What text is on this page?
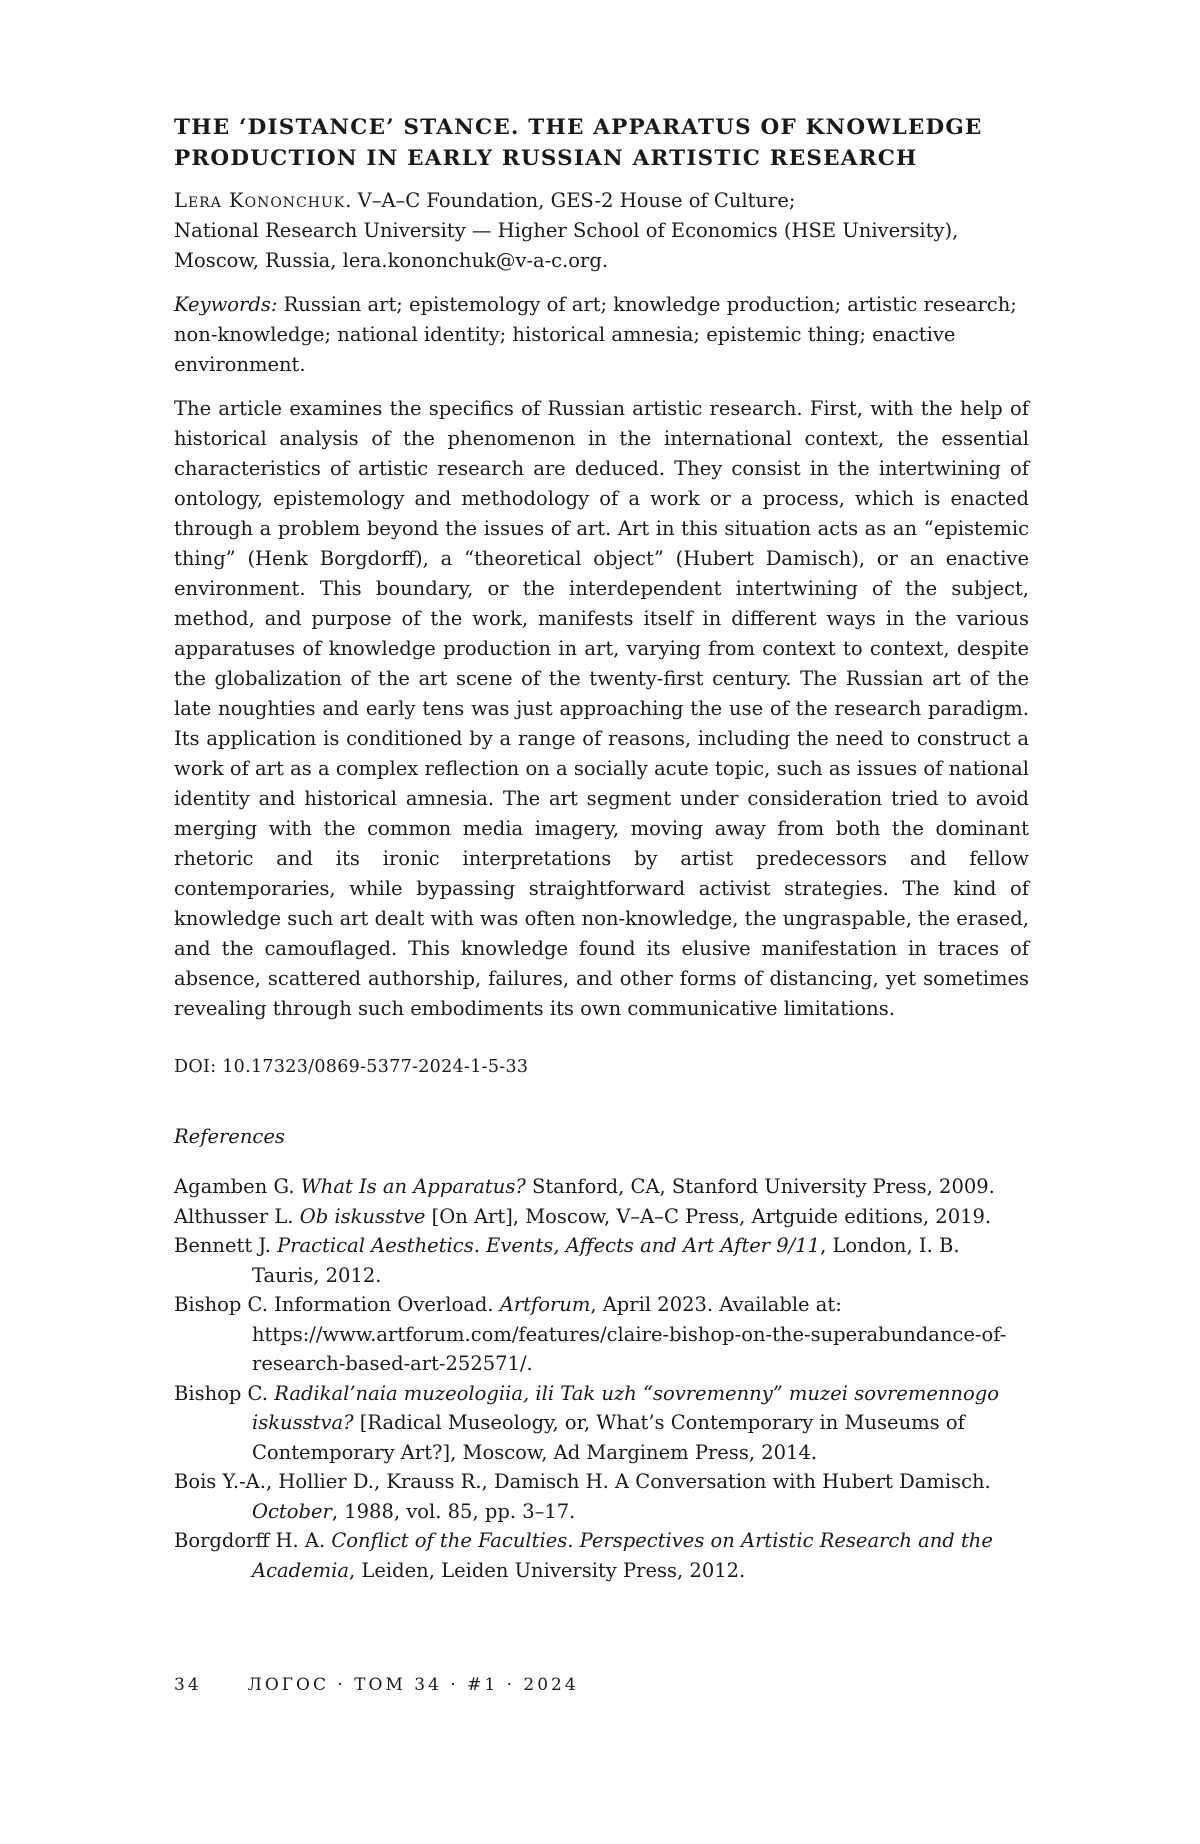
THE ‘DISTANCE’ STANCE. THE APPARATUS OF KNOWLEDGE
PRODUCTION IN EARLY RUSSIAN ARTISTIC RESEARCH
Lera Kononchuk. V–A–C Foundation, GES-2 House of Culture;
National Research University — Higher School of Economics (HSE University),
Moscow, Russia, lera.kononchuk@v-a-c.org.
Keywords: Russian art; epistemology of art; knowledge production; artistic research; non-knowledge; national identity; historical amnesia; epistemic thing; enactive environment.
The article examines the specifics of Russian artistic research. First, with the help of historical analysis of the phenomenon in the international context, the essential characteristics of artistic research are deduced. They consist in the intertwining of ontology, epistemology and methodology of a work or a process, which is enacted through a problem beyond the issues of art. Art in this situation acts as an “epistemic thing” (Henk Borgdorff), a “theoretical object” (Hubert Damisch), or an enactive environment. This boundary, or the interdependent intertwining of the subject, method, and purpose of the work, manifests itself in different ways in the various apparatuses of knowledge production in art, varying from context to context, despite the globalization of the art scene of the twenty-first century. The Russian art of the late noughties and early tens was just approaching the use of the research paradigm. Its application is conditioned by a range of reasons, including the need to construct a work of art as a complex reflection on a socially acute topic, such as issues of national identity and historical amnesia. The art segment under consideration tried to avoid merging with the common media imagery, moving away from both the dominant rhetoric and its ironic interpretations by artist predecessors and fellow contemporaries, while bypassing straightforward activist strategies. The kind of knowledge such art dealt with was often non-knowledge, the ungraspable, the erased, and the camouflaged. This knowledge found its elusive manifestation in traces of absence, scattered authorship, failures, and other forms of distancing, yet sometimes revealing through such embodiments its own communicative limitations.
DOI: 10.17323/0869-5377-2024-1-5-33
References
Agamben G. What Is an Apparatus? Stanford, CA, Stanford University Press, 2009.
Althusser L. Ob iskusstve [On Art], Moscow, V–A–C Press, Artguide editions, 2019.
Bennett J. Practical Aesthetics. Events, Affects and Art After 9/11, London, I. B. Tauris, 2012.
Bishop C. Information Overload. Artforum, April 2023. Available at: https://www.artforum.com/features/claire-bishop-on-the-superabundance-of-research-based-art-252571/.
Bishop C. Radikal’naia muzeologiia, ili Tak uzh “sovremenny” muzei sovremennogo iskusstva? [Radical Museology, or, What’s Contemporary in Museums of Contemporary Art?], Moscow, Ad Marginem Press, 2014.
Bois Y.-A., Hollier D., Krauss R., Damisch H. A Conversation with Hubert Damisch. October, 1988, vol. 85, pp. 3–17.
Borgdorff H. A. Conflict of the Faculties. Perspectives on Artistic Research and the Academia, Leiden, Leiden University Press, 2012.
34	ЛОГОС · ТОМ 34 · #1 · 2024
